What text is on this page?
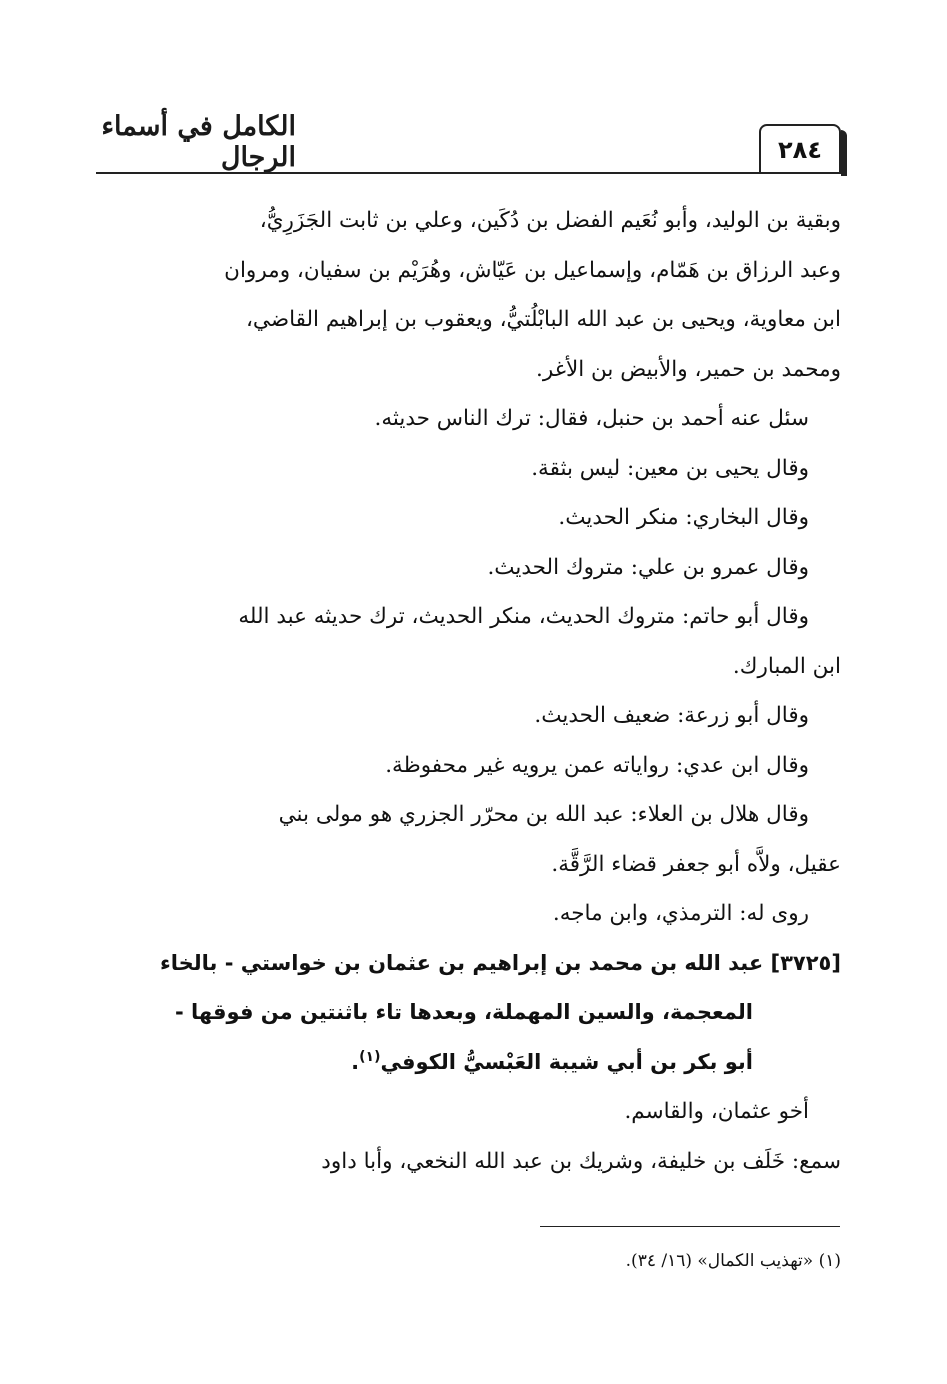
الكامل في أسماء الرجال	٢٨٤
وبقية بن الوليد، وأبو نُعَيم الفضل بن دُكَين، وعلي بن ثابت الجَزَرِيُّ،
وعبد الرزاق بن هَمّام، وإسماعيل بن عَيّاش، وهُرَيْم بن سفيان، ومروان
ابن معاوية، ويحيى بن عبد الله البابْلُتيُّ، ويعقوب بن إبراهيم القاضي،
ومحمد بن حمير، والأبيض بن الأغر.
سئل عنه أحمد بن حنبل، فقال: ترك الناس حديثه.
وقال يحيى بن معين: ليس بثقة.
وقال البخاري: منكر الحديث.
وقال عمرو بن علي: متروك الحديث.
وقال أبو حاتم: متروك الحديث، منكر الحديث، ترك حديثه عبد الله
ابن المبارك.
وقال أبو زرعة: ضعيف الحديث.
وقال ابن عدي: رواياته عمن يرويه غير محفوظة.
وقال هلال بن العلاء: عبد الله بن محرّر الجزري هو مولى بني
عقيل، ولاَّه أبو جعفر قضاء الرَّقَّة.
روى له: الترمذي، وابن ماجه.
[٣٧٢٥] عبد الله بن محمد بن إبراهيم بن عثمان بن خواستي - بالخاء
المعجمة، والسين المهملة، وبعدها تاء باثنتين من فوقها -
أبو بكر بن أبي شيبة العَبْسيُّ الكوفي$^{(١)}$.
أخو عثمان، والقاسم.
سمع: خَلَف بن خليفة، وشريك بن عبد الله النخعي، وأبا داود
(١) «تهذيب الكمال» (١٦/ ٣٤).
